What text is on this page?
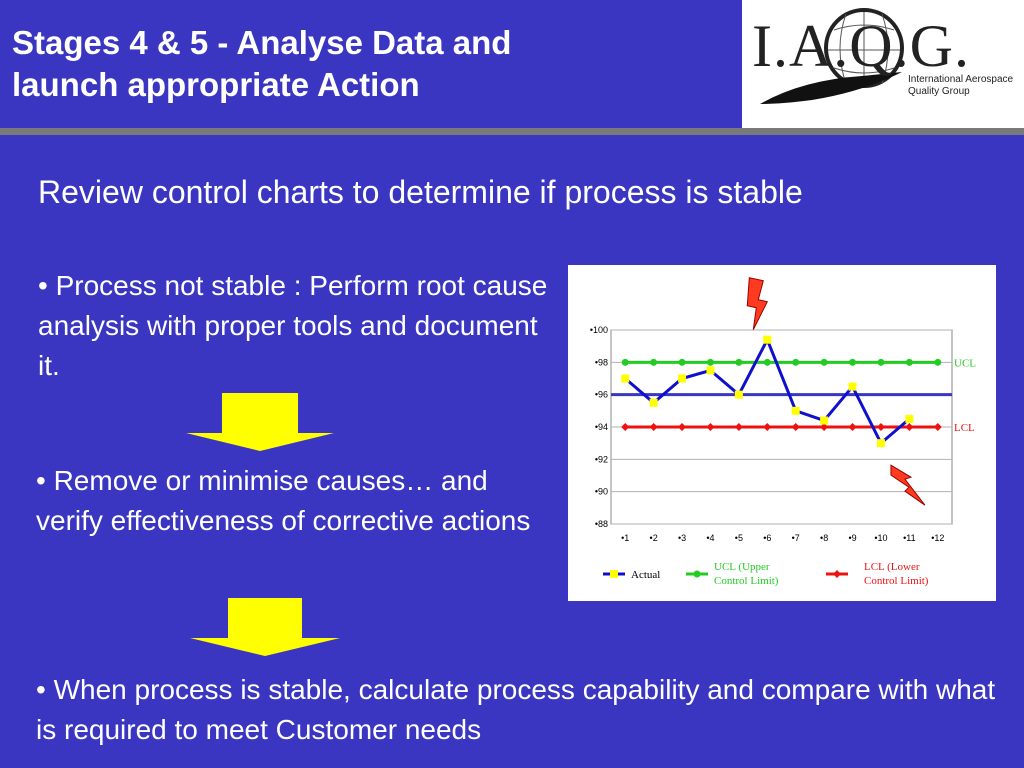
Stages 4 & 5 - Analyse Data and
launch appropriate Action
I.A.Q.G.
International Aerospace
Quality Group
Review control charts to determine if process is stable
• Process not stable : Perform root cause analysis with proper tools and document it.
• Remove or minimise causes… and verify effectiveness of corrective actions
• When process is stable, calculate process capability and compare with what is required to meet Customer needs
•100
•98
•96
•94
•92
•90
•88
•1 •2 •3 •4 •5 •6 •7 •8 •9 •10 •11 •12
UCL
LCL
Actual
UCL (Upper
Control Limit)
LCL (Lower
Control Limit)
